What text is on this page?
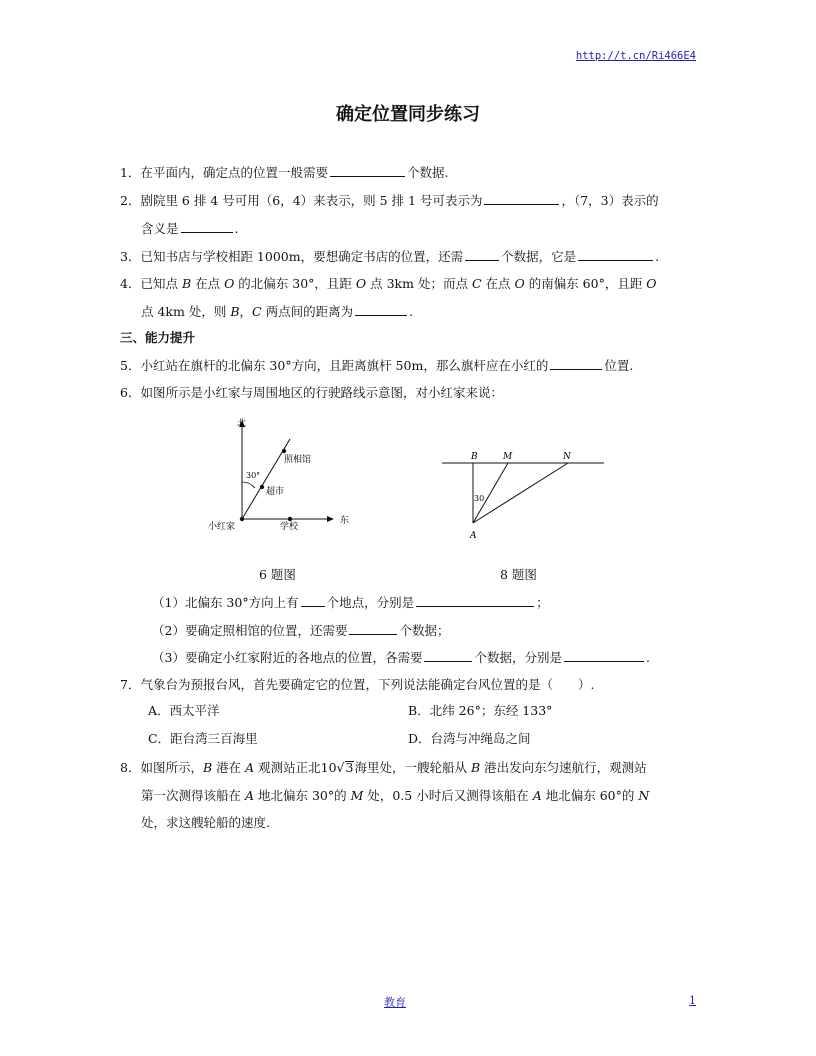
http://t.cn/Ri466E4
确定位置同步练习
1．在平面内，确定点的位置一般需要	个数据.
2．剧院里 6 排 4 号可用（6，4）来表示，则 5 排 1 号可表示为	，（7，3）表示的
含义是	.
3．已知书店与学校相距 1000m，要想确定书店的位置，还需	个数据，它是	.
4．已知点 B 在点 O 的北偏东 30°，且距 O 点 3km 处；而点 C 在点 O 的南偏东 60°，且距 O
点 4km 处，则 B，C 两点间的距离为	.
三、能力提升
5．小红站在旗杆的北偏东 30°方向，且距离旗杆 50m，那么旗杆应在小红的	位置.
6．如图所示是小红家与周围地区的行驶路线示意图，对小红家来说：
北
东
小红家	学校
超市
照相馆
30°
B	M	N
A
30
6 题图	8 题图
（1）北偏东 30°方向上有 个地点，分别是	；
（2）要确定照相馆的位置，还需要	个数据；
（3）要确定小红家附近的各地点的位置，各需要	个数据，分别是	.
7．气象台为预报台风，首先要确定它的位置，下列说法能确定台风位置的是（　　）.
A．西太平洋	B．北纬 26°；东经 133°
C．距台湾三百海里	D．台湾与冲绳岛之间
8．如图所示，B 港在 A 观测站正北10√3海里处，一艘轮船从 B 港出发向东匀速航行，观测站
第一次测得该船在 A 地北偏东 30°的 M 处，0.5 小时后又测得该船在 A 地北偏东 60°的 N
处，求这艘轮船的速度.
教育	1
